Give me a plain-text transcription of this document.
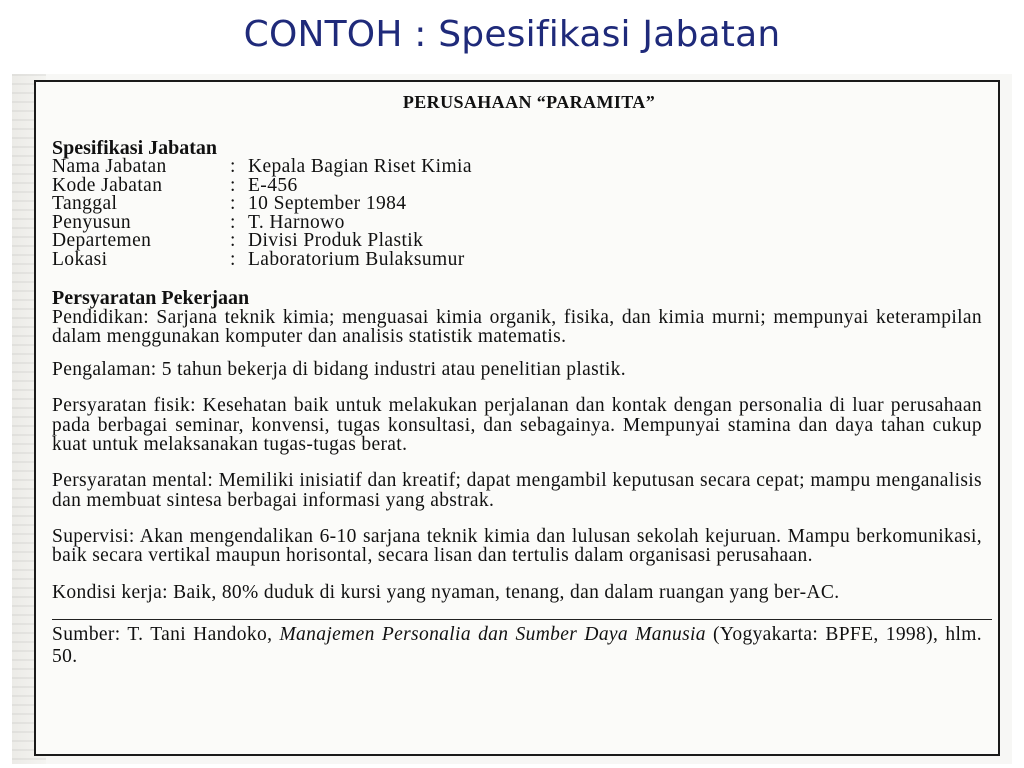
CONTOH : Spesifikasi Jabatan
PERUSAHAAN “PARAMITA”
Spesifikasi Jabatan
Nama Jabatan	: Kepala Bagian Riset Kimia
Kode Jabatan	: E-456
Tanggal	: 10 September 1984
Penyusun	: T. Harnowo
Departemen	: Divisi Produk Plastik
Lokasi	: Laboratorium Bulaksumur
Persyaratan Pekerjaan
Pendidikan: Sarjana teknik kimia; menguasai kimia organik, fisika, dan kimia murni; mempunyai keterampilan dalam menggunakan komputer dan analisis statistik matematis.
Pengalaman: 5 tahun bekerja di bidang industri atau penelitian plastik.
Persyaratan fisik: Kesehatan baik untuk melakukan perjalanan dan kontak dengan personalia di luar perusahaan pada berbagai seminar, konvensi, tugas konsultasi, dan sebagainya. Mempunyai stamina dan daya tahan cukup kuat untuk melaksanakan tugas-tugas berat.
Persyaratan mental: Memiliki inisiatif dan kreatif; dapat mengambil keputusan secara cepat; mampu menganalisis dan membuat sintesa berbagai informasi yang abstrak.
Supervisi: Akan mengendalikan 6-10 sarjana teknik kimia dan lulusan sekolah kejuruan. Mampu berkomunikasi, baik secara vertikal maupun horisontal, secara lisan dan tertulis dalam organisasi perusahaan.
Kondisi kerja: Baik, 80% duduk di kursi yang nyaman, tenang, dan dalam ruangan yang ber-AC.
Sumber: T. Tani Handoko, Manajemen Personalia dan Sumber Daya Manusia (Yogyakarta: BPFE, 1998), hlm. 50.
